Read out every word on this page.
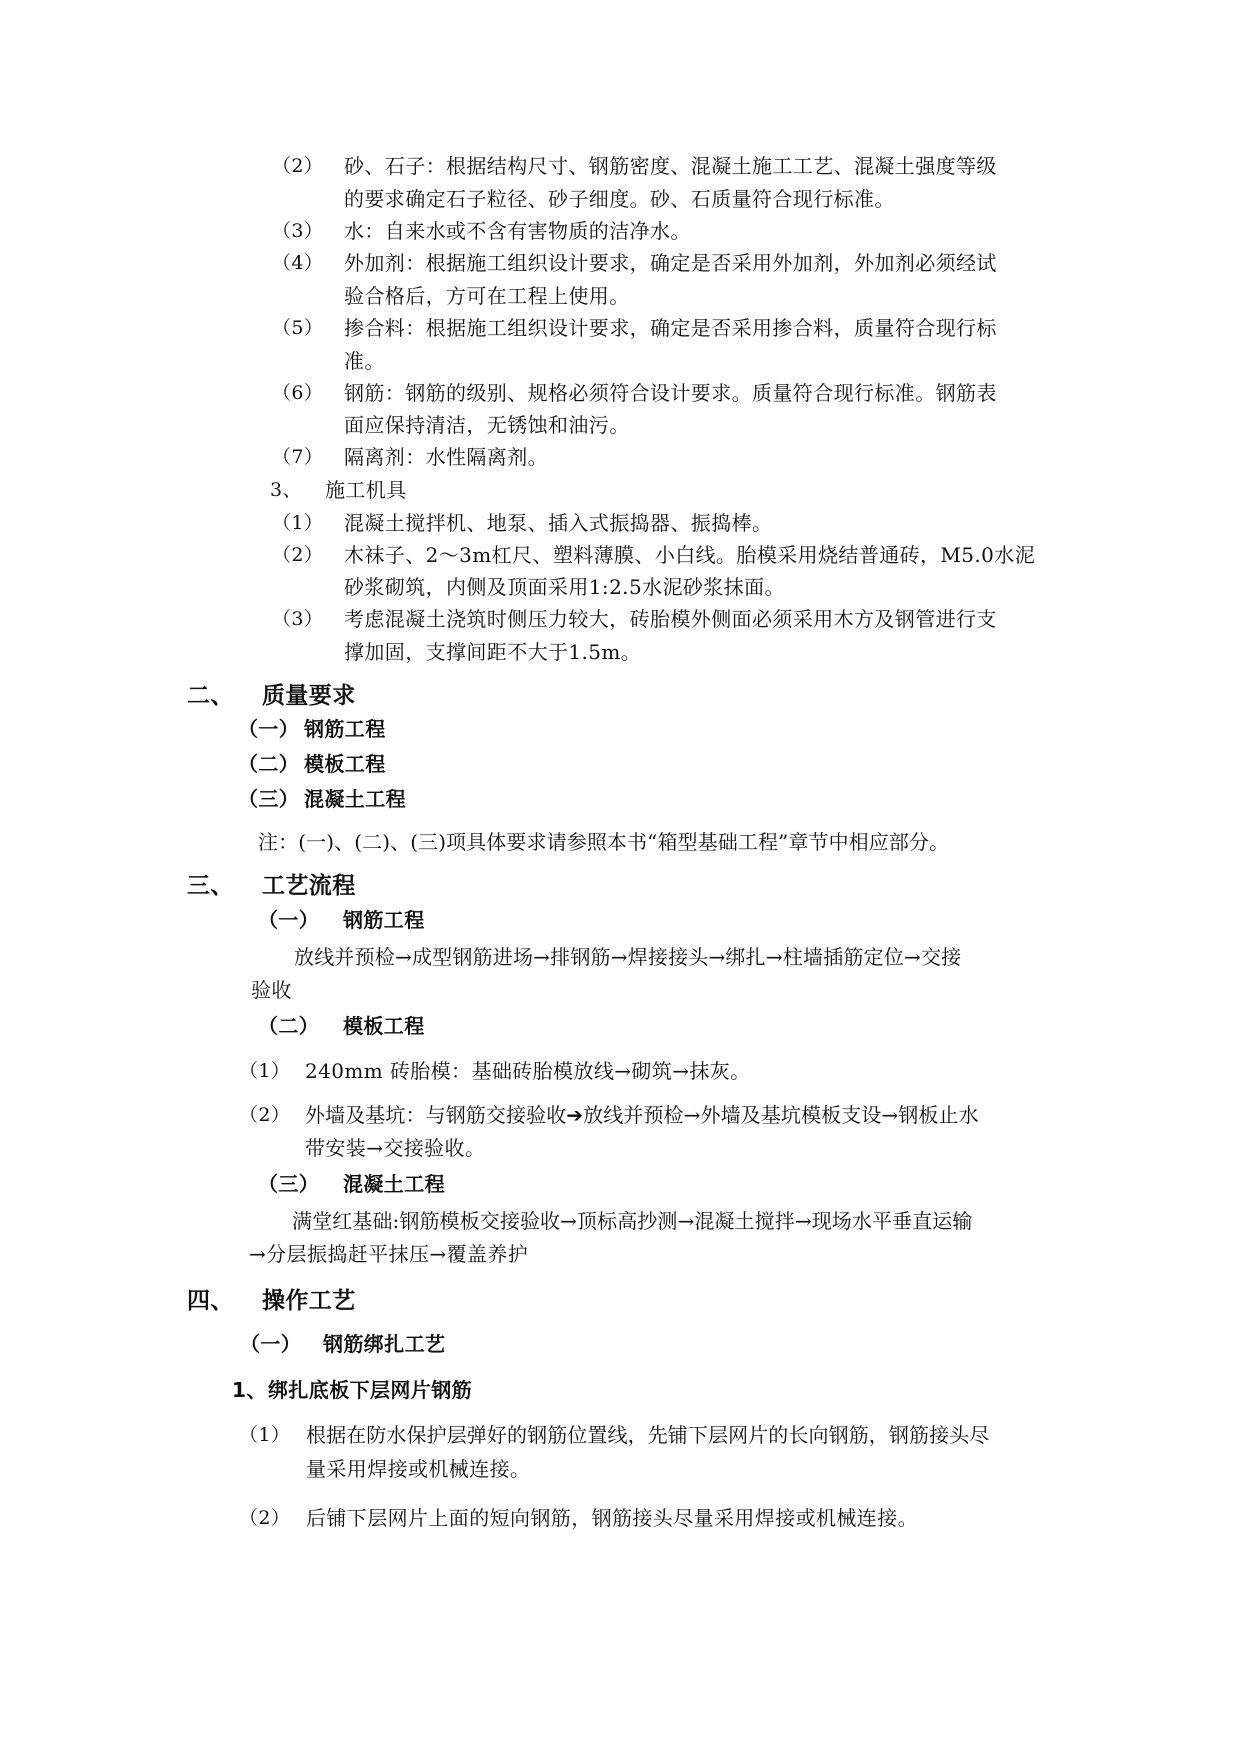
（2） 砂、石子：根据结构尺寸、钢筋密度、混凝土施工工艺、混凝土强度等级
的要求确定石子粒径、砂子细度。砂、石质量符合现行标准。
（3） 水：自来水或不含有害物质的洁净水。
（4） 外加剂：根据施工组织设计要求，确定是否采用外加剂，外加剂必须经试
验合格后，方可在工程上使用。
（5） 掺合料：根据施工组织设计要求，确定是否采用掺合料，质量符合现行标
准。
（6） 钢筋：钢筋的级别、规格必须符合设计要求。质量符合现行标准。钢筋表
面应保持清洁，无锈蚀和油污。
（7） 隔离剂：水性隔离剂。
3、 施工机具
（1） 混凝土搅拌机、地泵、插入式振捣器、振捣棒。
（2） 木袜子、2～3m杠尺、塑料薄膜、小白线。胎模采用烧结普通砖，M5.0水泥
砂浆砌筑，内侧及顶面采用1:2.5水泥砂浆抹面。
（3） 考虑混凝土浇筑时侧压力较大，砖胎模外侧面必须采用木方及钢管进行支
撑加固，支撑间距不大于1.5m。
二、 质量要求
（一） 钢筋工程
（二） 模板工程
（三） 混凝土工程
注：(一)、(二)、(三)项具体要求请参照本书“箱型基础工程”章节中相应部分。
三、 工艺流程
（一） 钢筋工程
放线并预检→成型钢筋进场→排钢筋→焊接接头→绑扎→柱墙插筋定位→交接
验收
（二） 模板工程
（1） 240mm 砖胎模：基础砖胎模放线→砌筑→抹灰。
（2） 外墙及基坑：与钢筋交接验收➔放线并预检→外墙及基坑模板支设→钢板止水
带安装→交接验收。
（三） 混凝土工程
满堂红基础:钢筋模板交接验收→顶标高抄测→混凝土搅拌→现场水平垂直运输
→分层振捣赶平抹压→覆盖养护
四、 操作工艺
（一） 钢筋绑扎工艺
1、 绑扎底板下层网片钢筋
（1） 根据在防水保护层弹好的钢筋位置线，先铺下层网片的长向钢筋，钢筋接头尽
量采用焊接或机械连接。
（2） 后铺下层网片上面的短向钢筋，钢筋接头尽量采用焊接或机械连接。
